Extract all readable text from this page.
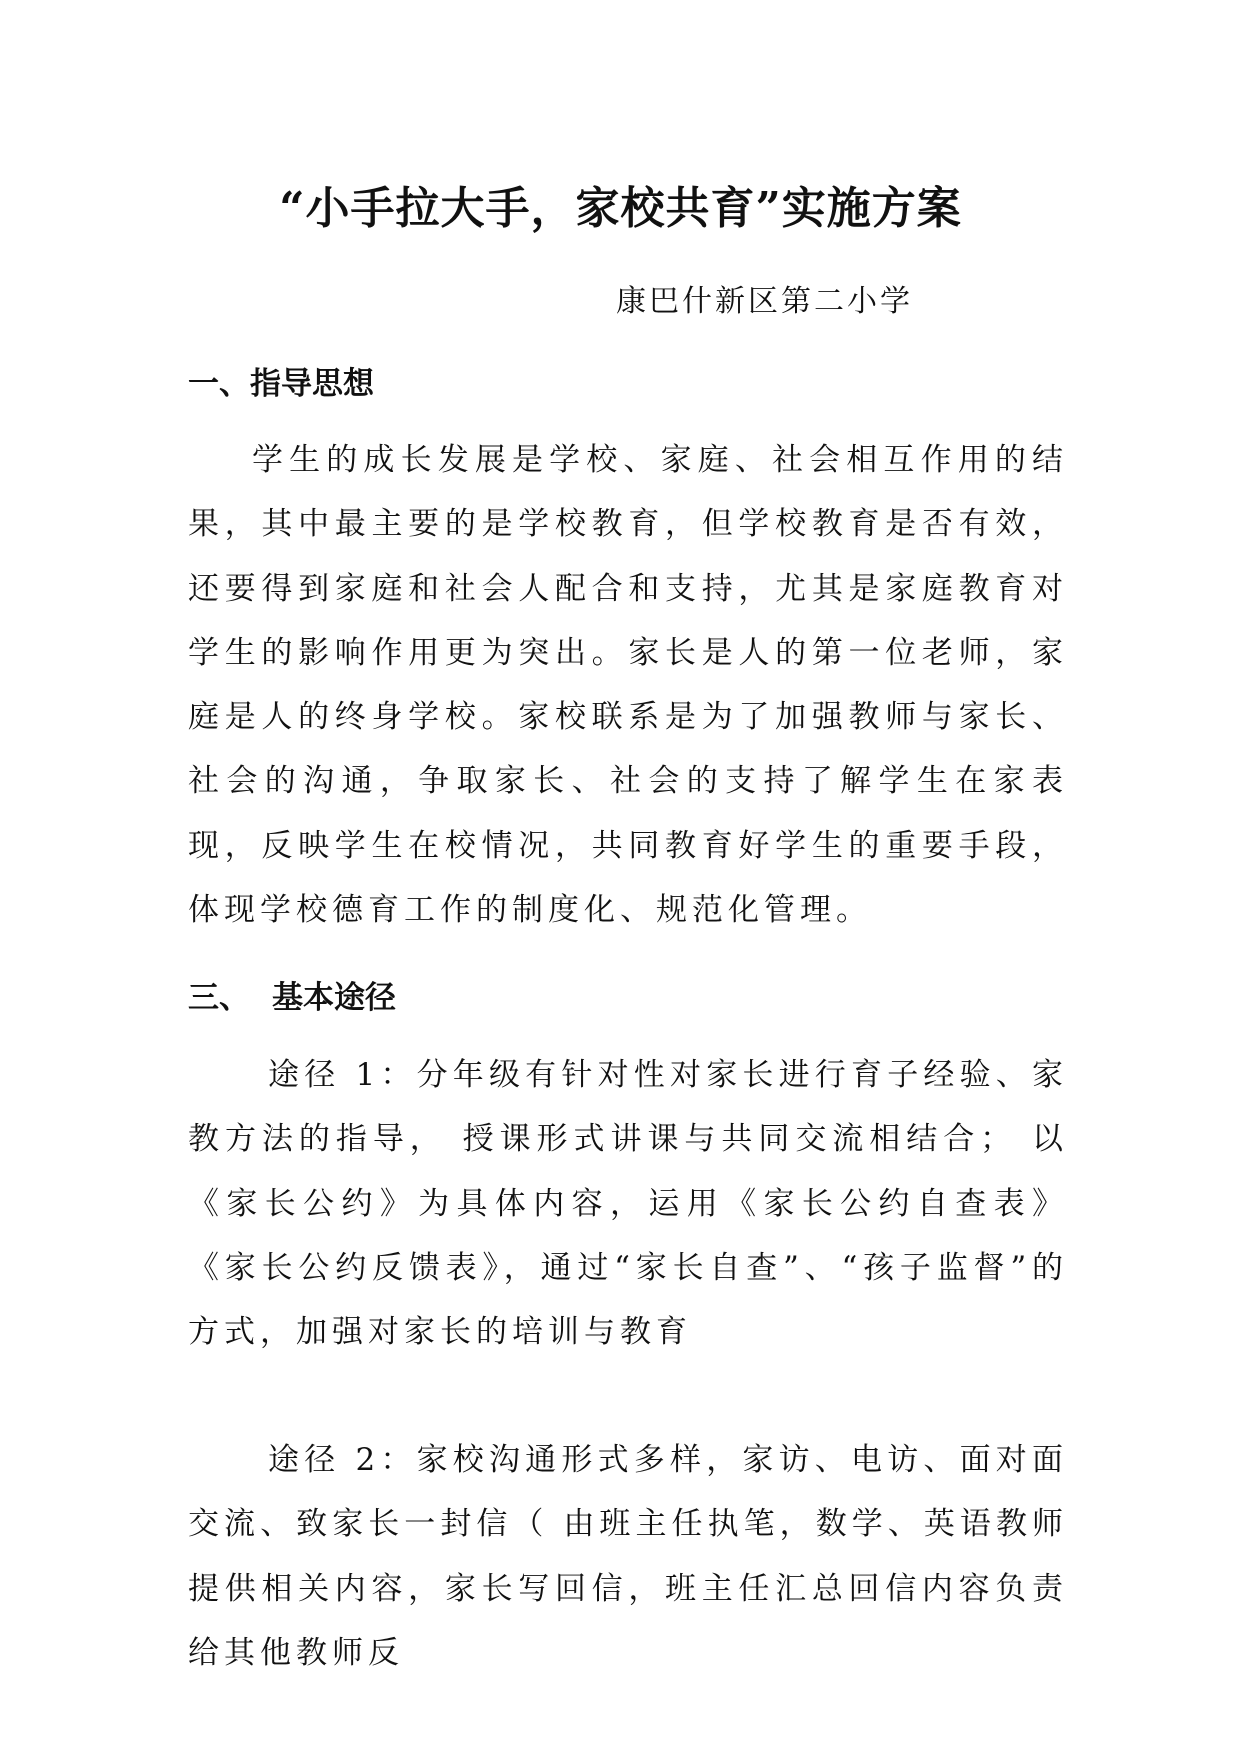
“小手拉大手，家校共育”实施方案
康巴什新区第二小学
一、指导思想

学生的成长发展是学校、家庭、社会相互作用的结果，其中最主要的是学校教育，但学校教育是否有效，还要得到家庭和社会人配合和支持，尤其是家庭教育对学生的影响作用更为突出。家长是人的第一位老师，家庭是人的终身学校。家校联系是为了加强教师与家长、社会的沟通，争取家长、社会的支持了解学生在家表现，反映学生在校情况，共同教育好学生的重要手段，体现学校德育工作的制度化、规范化管理。

三、 基本途径

途径 1：分年级有针对性对家长进行育子经验、家教方法的指导， 授课形式讲课与共同交流相结合； 以《家长公约》为具体内容，运用《家长公约自查表》《家长公约反馈表》，通过“家长自查”、“孩子监督”的方式，加强对家长的培训与教育

途径 2：家校沟通形式多样，家访、电访、面对面交流、致家长一封信（ 由班主任执笔，数学、英语教师提供相关内容，家长写回信，班主任汇总回信内容负责给其他教师反
